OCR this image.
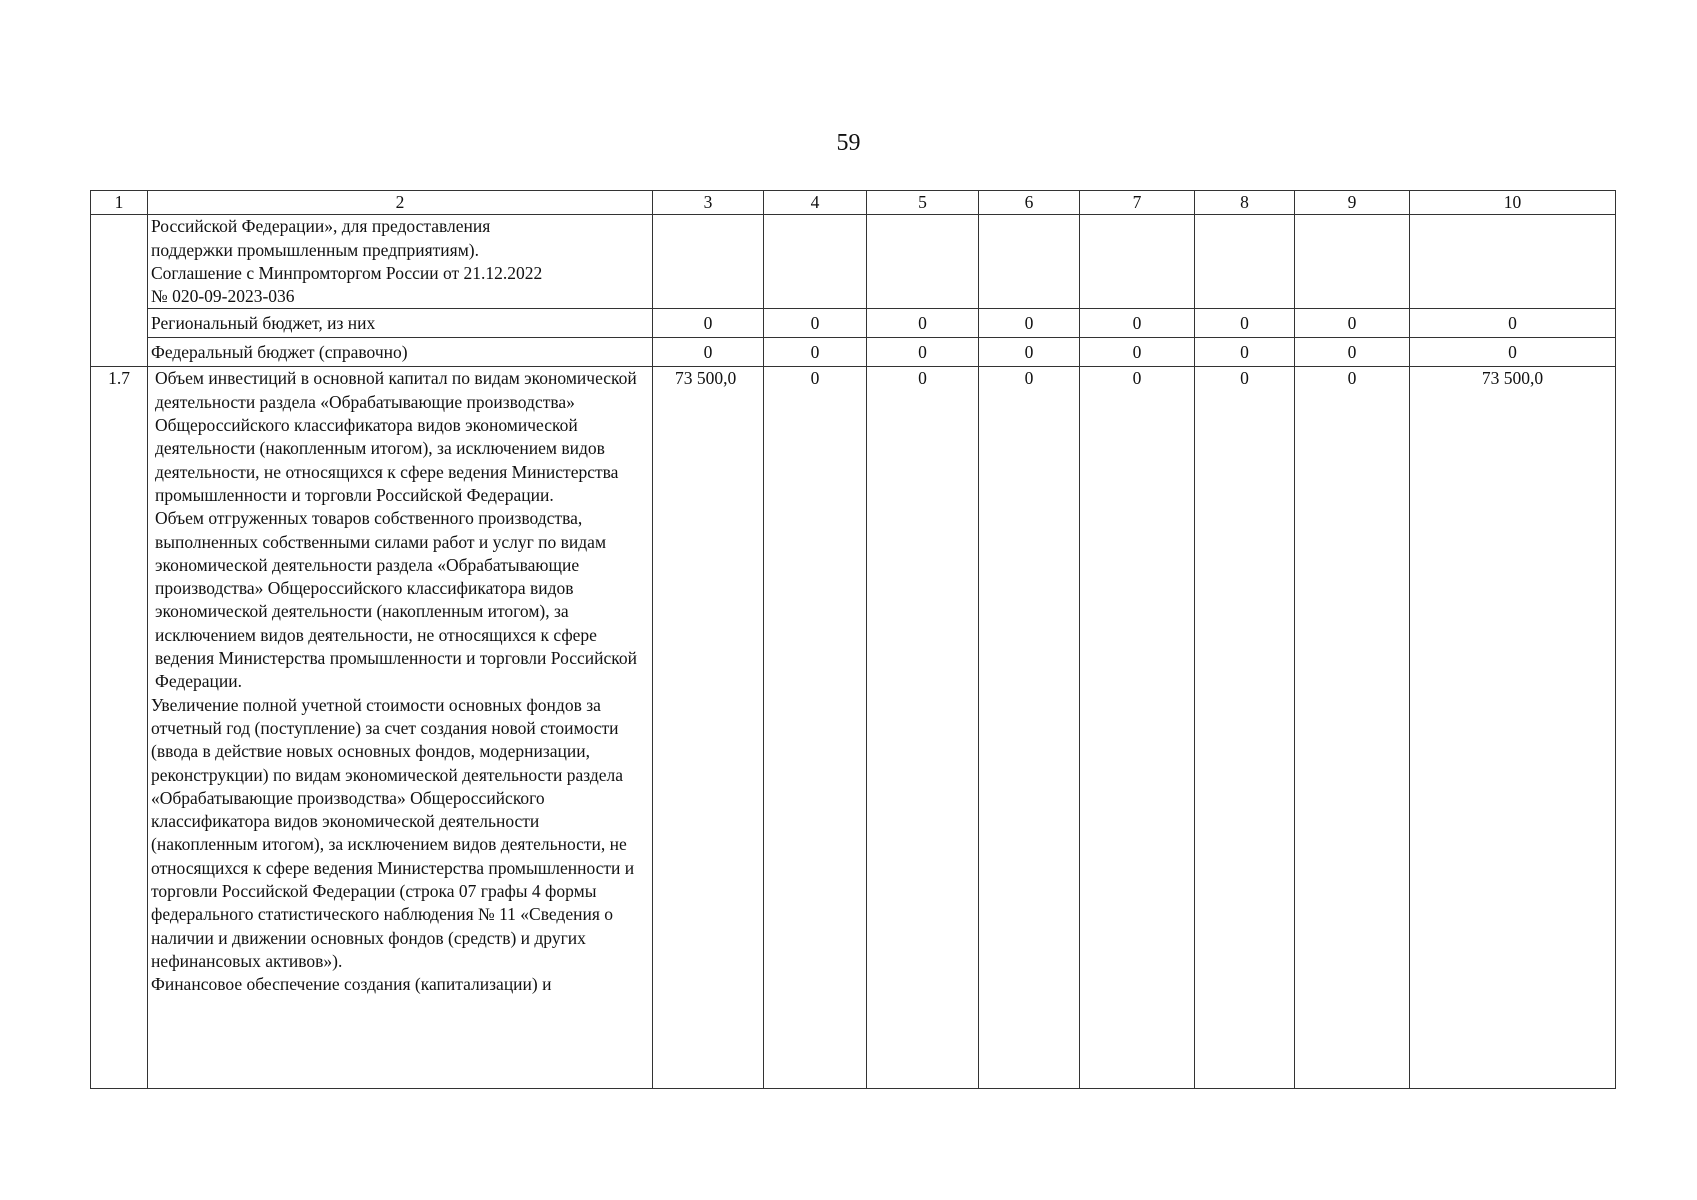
59
1	2	3	4	5	6	7	8	9	10

	Российской Федерации», для предоставления
поддержки промышленным предприятиям).
Соглашение с Минпромторгом России от 21.12.2022
№ 020-09-2023-036								

	Региональный бюджет, из них	0	0	0	0	0	0	0	0
	Федеральный бюджет (справочно)	0	0	0	0	0	0	0	0
1.7	Объем инвестиций в основной капитал по видам экономической деятельности раздела «Обрабатывающие производства» Общероссийского классификатора видов экономической деятельности (накопленным итогом), за исключением видов деятельности, не относящихся к сфере ведения Министерства промышленности и торговли Российской Федерации.
Объем отгруженных товаров собственного производства, выполненных собственными силами работ и услуг по видам экономической деятельности раздела «Обрабатывающие производства» Общероссийского классификатора видов экономической деятельности (накопленным итогом), за исключением видов деятельности, не относящихся к сфере ведения Министерства промышленности и торговли Российской Федерации.
Увеличение полной учетной стоимости основных фондов за отчетный год (поступление) за счет создания новой стоимости (ввода в действие новых основных фондов, модернизации, реконструкции) по видам экономической деятельности раздела «Обрабатывающие производства» Общероссийского классификатора видов экономической деятельности (накопленным итогом), за исключением видов деятельности, не относящихся к сфере ведения Министерства промышленности и торговли Российской Федерации (строка 07 графы 4 формы федерального статистического наблюдения № 11 «Сведения о наличии и движении основных фондов (средств) и других нефинансовых активов»).
Финансовое обеспечение создания (капитализации) и	73 500,0	0	0	0	0	0	0	73 500,0
